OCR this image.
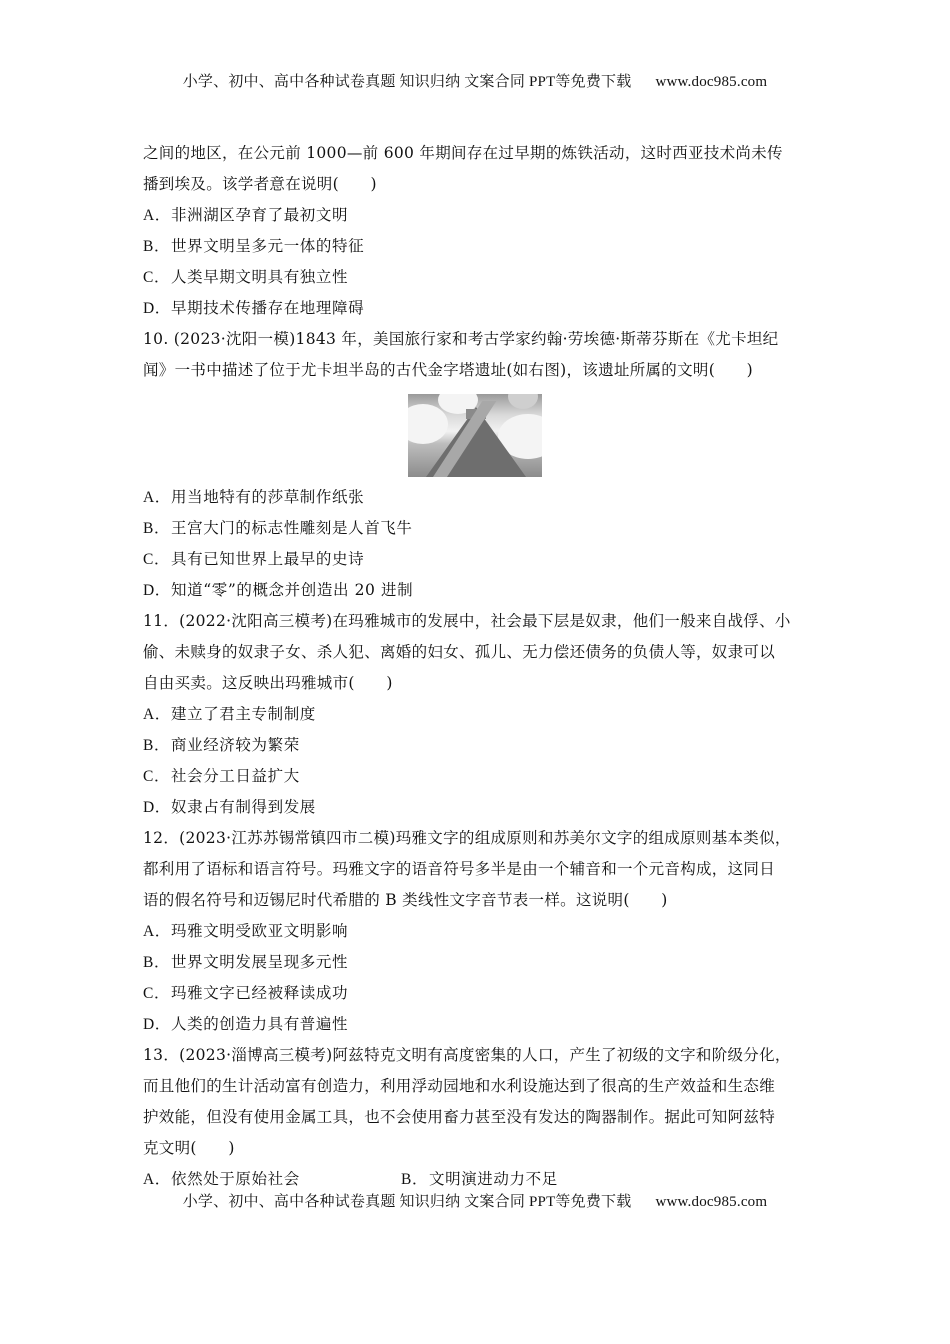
小学、初中、高中各种试卷真题 知识归纳 文案合同 PPT等免费下载 www.doc985.com
之间的地区，在公元前 1000—前 600 年期间存在过早期的炼铁活动，这时西亚技术尚未传
播到埃及。该学者意在说明(　　)
A．非洲湖区孕育了最初文明
B．世界文明呈多元一体的特征
C．人类早期文明具有独立性
D．早期技术传播存在地理障碍
10. (2023·沈阳一模)1843 年，美国旅行家和考古学家约翰·劳埃德·斯蒂芬斯在《尤卡坦纪
闻》一书中描述了位于尤卡坦半岛的古代金字塔遗址(如右图)，该遗址所属的文明(　　)
A．用当地特有的莎草制作纸张
B．王宫大门的标志性雕刻是人首飞牛
C．具有已知世界上最早的史诗
D．知道“零”的概念并创造出 20 进制
11．(2022·沈阳高三模考)在玛雅城市的发展中，社会最下层是奴隶，他们一般来自战俘、小
偷、未赎身的奴隶子女、杀人犯、离婚的妇女、孤儿、无力偿还债务的负债人等，奴隶可以
自由买卖。这反映出玛雅城市(　　)
A．建立了君主专制制度
B．商业经济较为繁荣
C．社会分工日益扩大
D．奴隶占有制得到发展
12．(2023·江苏苏锡常镇四市二模)玛雅文字的组成原则和苏美尔文字的组成原则基本类似，
都利用了语标和语言符号。玛雅文字的语音符号多半是由一个辅音和一个元音构成，这同日
语的假名符号和迈锡尼时代希腊的 B 类线性文字音节表一样。这说明(　　)
A．玛雅文明受欧亚文明影响
B．世界文明发展呈现多元性
C．玛雅文字已经被释读成功
D．人类的创造力具有普遍性
13．(2023·淄博高三模考)阿兹特克文明有高度密集的人口，产生了初级的文字和阶级分化，
而且他们的生计活动富有创造力，利用浮动园地和水利设施达到了很高的生产效益和生态维
护效能，但没有使用金属工具，也不会使用畜力甚至没有发达的陶器制作。据此可知阿兹特
克文明(　　)
A．依然处于原始社会	B．文明演进动力不足
小学、初中、高中各种试卷真题 知识归纳 文案合同 PPT等免费下载 www.doc985.com
